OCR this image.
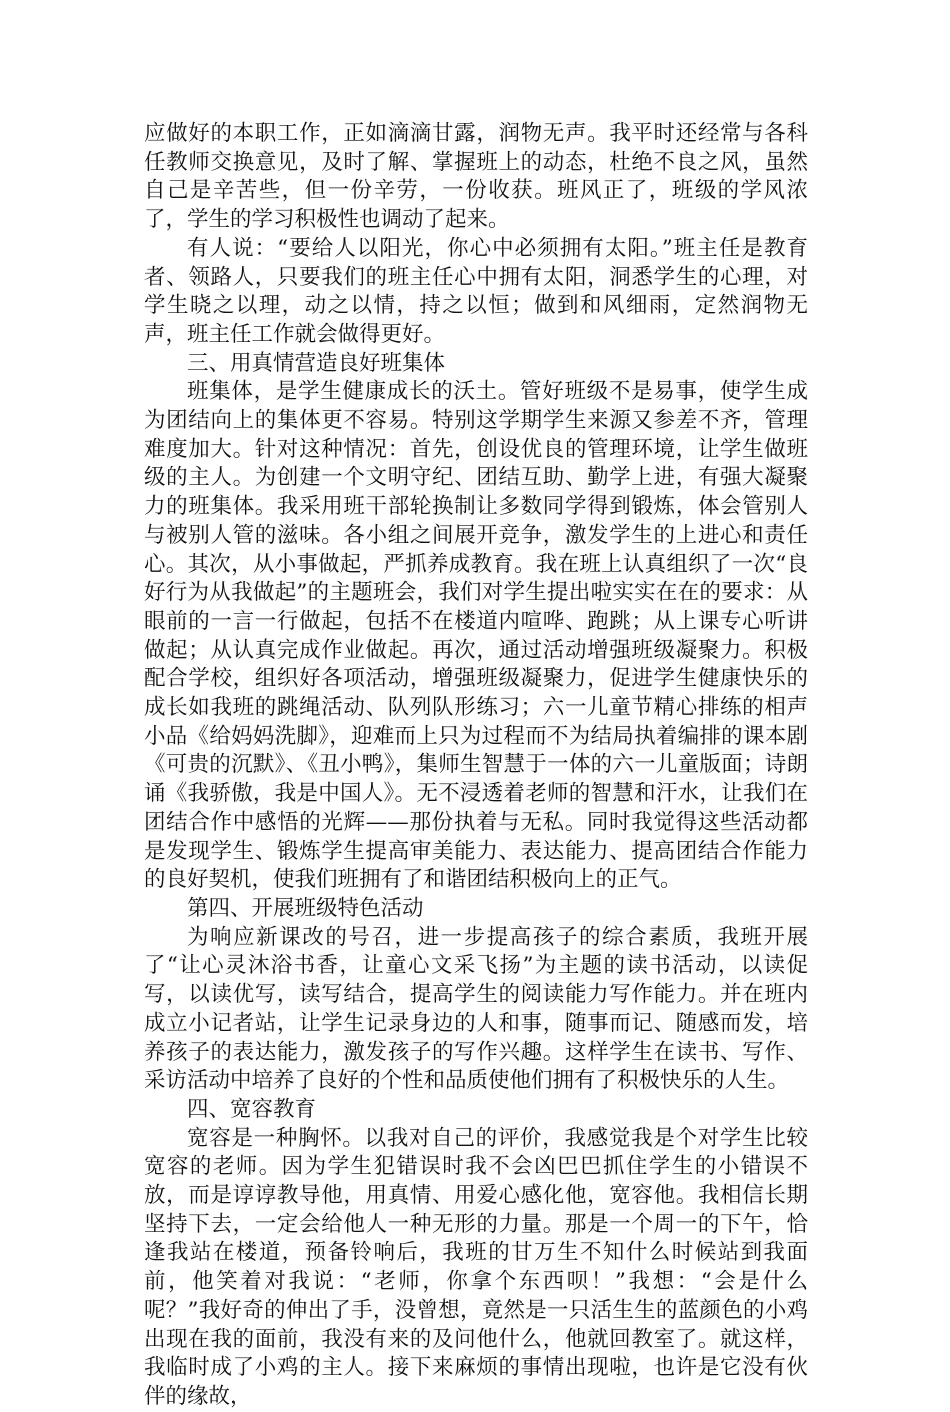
应做好的本职工作，正如滴滴甘露，润物无声。我平时还经常与各科任教师交换意见，及时了解、掌握班上的动态，杜绝不良之风，虽然自己是辛苦些，但一份辛劳，一份收获。班风正了，班级的学风浓了，学生的学习积极性也调动了起来。

有人说：“要给人以阳光，你心中必须拥有太阳。”班主任是教育者、领路人，只要我们的班主任心中拥有太阳，洞悉学生的心理，对学生晓之以理，动之以情，持之以恒；做到和风细雨，定然润物无声，班主任工作就会做得更好。

三、用真情营造良好班集体

班集体，是学生健康成长的沃土。管好班级不是易事，使学生成为团结向上的集体更不容易。特别这学期学生来源又参差不齐，管理难度加大。针对这种情况：首先，创设优良的管理环境，让学生做班级的主人。为创建一个文明守纪、团结互助、勤学上进，有强大凝聚力的班集体。我采用班干部轮换制让多数同学得到锻炼，体会管别人与被别人管的滋味。各小组之间展开竞争，激发学生的上进心和责任心。其次，从小事做起，严抓养成教育。我在班上认真组织了一次“良好行为从我做起”的主题班会，我们对学生提出啦实实在在的要求：从眼前的一言一行做起，包括不在楼道内喧哗、跑跳；从上课专心听讲做起；从认真完成作业做起。再次，通过活动增强班级凝聚力。积极配合学校，组织好各项活动，增强班级凝聚力，促进学生健康快乐的成长如我班的跳绳活动、队列队形练习；六一儿童节精心排练的相声小品《给妈妈洗脚》，迎难而上只为过程而不为结局执着编排的课本剧《可贵的沉默》、《丑小鸭》，集师生智慧于一体的六一儿童版面；诗朗诵《我骄傲，我是中国人》。无不浸透着老师的智慧和汗水，让我们在团结合作中感悟的光辉——那份执着与无私。同时我觉得这些活动都是发现学生、锻炼学生提高审美能力、表达能力、提高团结合作能力的良好契机，使我们班拥有了和谐团结积极向上的正气。

第四、开展班级特色活动

为响应新课改的号召，进一步提高孩子的综合素质，我班开展了“让心灵沐浴书香，让童心文采飞扬”为主题的读书活动，以读促写，以读优写，读写结合，提高学生的阅读能力写作能力。并在班内成立小记者站，让学生记录身边的人和事，随事而记、随感而发，培养孩子的表达能力，激发孩子的写作兴趣。这样学生在读书、写作、采访活动中培养了良好的个性和品质使他们拥有了积极快乐的人生。

四、宽容教育

宽容是一种胸怀。以我对自己的评价，我感觉我是个对学生比较宽容的老师。因为学生犯错误时我不会凶巴巴抓住学生的小错误不放，而是谆谆教导他，用真情、用爱心感化他，宽容他。我相信长期坚持下去，一定会给他人一种无形的力量。那是一个周一的下午，恰逢我站在楼道，预备铃响后，我班的甘万生不知什么时候站到我面前，他笑着对我说：“老师，你拿个东西呗！”我想：“会是什么呢？”我好奇的伸出了手，没曾想，竟然是一只活生生的蓝颜色的小鸡出现在我的面前，我没有来的及问他什么，他就回教室了。就这样，我临时成了小鸡的主人。接下来麻烦的事情出现啦，也许是它没有伙伴的缘故，
